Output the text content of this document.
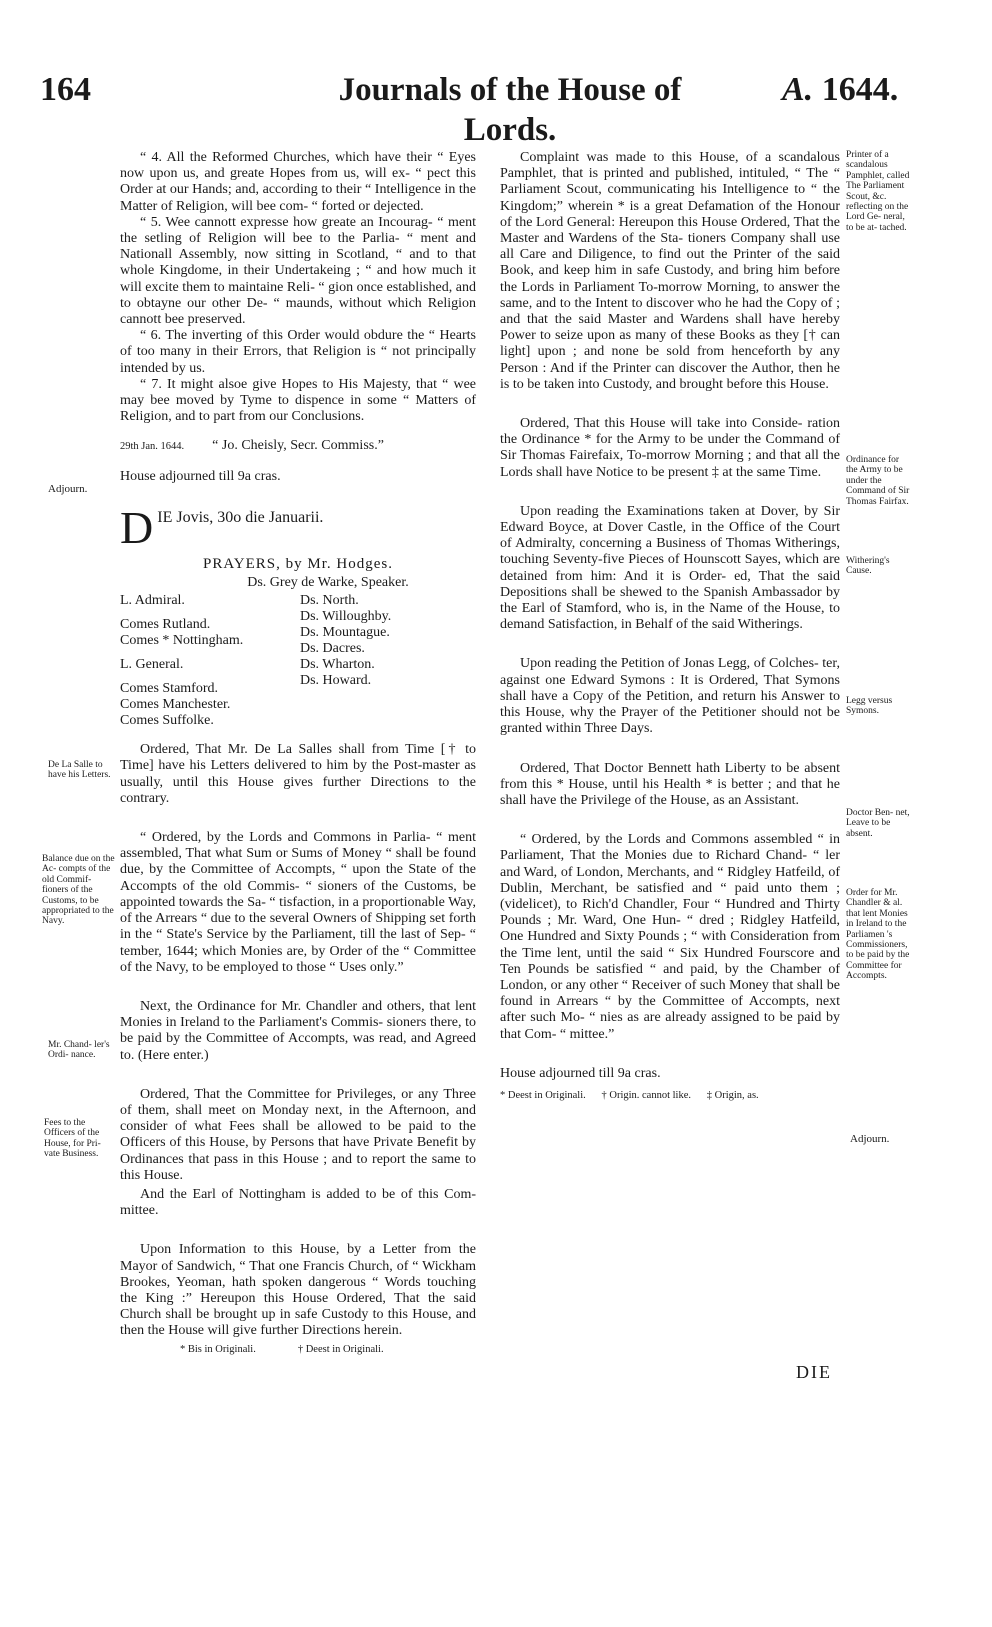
164	Journals of the House of Lords.
A. 1644.
Adjourn.
De La Salle to have his Letters.
Balance due on the Ac- compts of the old Commif- fioners of the Customs, to be appropriated to the Navy.
Mr. Chand- ler's Ordi- nance.
Fees to the Officers of the House, for Pri- vate Business.

“ 4. All the Reformed Churches, which have their “ Eyes now upon us, and greate Hopes from us, will ex- “ pect this Order at our Hands; and, according to their “ Intelligence in the Matter of Religion, will bee com- “ forted or dejected.

“ 5. Wee cannott expresse how greate an Incourag- “ ment the setling of Religion will bee to the Parlia- “ ment and Nationall Assembly, now sitting in Scotland, “ and to that whole Kingdome, in their Undertakeing ; “ and how much it will excite them to maintaine Reli- “ gion once established, and to obtayne our other De- “ maunds, without which Religion cannott bee preserved.

“ 6. The inverting of this Order would obdure the “ Hearts of too many in their Errors, that Religion is “ not principally intended by us.

“ 7. It might alsoe give Hopes to His Majesty, that “ wee may bee moved by Tyme to dispence in some “ Matters of Religion, and to part from our Conclusions.

29th Jan. 1644. “ Jo. Cheisly, Secr. Commiss.”

House adjourned till 9a cras.

DIE Jovis, 30o die Januarii.

PRAYERS, by Mr. Hodges.

Ds. Grey de Warke, Speaker.

L. Admiral.
Comes Rutland.
Comes * Nottingham.
L. General.
Comes Stamford.
Comes Manchester.
Comes Suffolke.

Ds. North.
Ds. Willoughby.
Ds. Mountague.
Ds. Dacres.
Ds. Wharton.
Ds. Howard.

Ordered, That Mr. De La Salles shall from Time [† to Time] have his Letters delivered to him by the Post-master as usually, until this House gives further Directions to the contrary.

“ Ordered, by the Lords and Commons in Parlia- “ ment assembled, That what Sum or Sums of Money “ shall be found due, by the Committee of Accompts, “ upon the State of the Accompts of the old Commis- “ sioners of the Customs, be appointed towards the Sa- “ tisfaction, in a proportionable Way, of the Arrears “ due to the several Owners of Shipping set forth in the “ State's Service by the Parliament, till the last of Sep- “ tember, 1644; which Monies are, by Order of the “ Committee of the Navy, to be employed to those “ Uses only.”

Next, the Ordinance for Mr. Chandler and others, that lent Monies in Ireland to the Parliament's Commis- sioners there, to be paid by the Committee of Accompts, was read, and Agreed to. (Here enter.)

Ordered, That the Committee for Privileges, or any Three of them, shall meet on Monday next, in the Afternoon, and consider of what Fees shall be allowed to be paid to the Officers of this House, by Persons that have Private Benefit by Ordinances that pass in this House ; and to report the same to this House.

And the Earl of Nottingham is added to be of this Com- mittee.

Upon Information to this House, by a Letter from the Mayor of Sandwich, “ That one Francis Church, of “ Wickham Brookes, Yeoman, hath spoken dangerous “ Words touching the King :” Hereupon this House Ordered, That the said Church shall be brought up in safe Custody to this House, and then the House will give further Directions herein.

* Bis in Originali.	† Deest in Originali.

Complaint was made to this House, of a scandalous Pamphlet, that is printed and published, intituled, “ The “ Parliament Scout, communicating his Intelligence to “ the Kingdom;” wherein * is a great Defamation of the Honour of the Lord General: Hereupon this House Ordered, That the Master and Wardens of the Sta- tioners Company shall use all Care and Diligence, to find out the Printer of the said Book, and keep him in safe Custody, and bring him before the Lords in Parliament To-morrow Morning, to answer the same, and to the Intent to discover who he had the Copy of ; and that the said Master and Wardens shall have hereby Power to seize upon as many of these Books as they [† can light] upon ; and none be sold from henceforth by any Person : And if the Printer can discover the Author, then he is to be taken into Custody, and brought before this House.

Ordered, That this House will take into Conside- ration the Ordinance * for the Army to be under the Command of Sir Thomas Fairefaix, To-morrow Morning ; and that all the Lords shall have Notice to be present ‡ at the same Time.

Upon reading the Examinations taken at Dover, by Sir Edward Boyce, at Dover Castle, in the Office of the Court of Admiralty, concerning a Business of Thomas Witherings, touching Seventy-five Pieces of Hounscott Sayes, which are detained from him: And it is Order- ed, That the said Depositions shall be shewed to the Spanish Ambassador by the Earl of Stamford, who is, in the Name of the House, to demand Satisfaction, in Behalf of the said Witherings.

Upon reading the Petition of Jonas Legg, of Colches- ter, against one Edward Symons : It is Ordered, That Symons shall have a Copy of the Petition, and return his Answer to this House, why the Prayer of the Petitioner should not be granted within Three Days.

Ordered, That Doctor Bennett hath Liberty to be absent from this * House, until his Health * is better ; and that he shall have the Privilege of the House, as an Assistant.

“ Ordered, by the Lords and Commons assembled “ in Parliament, That the Monies due to Richard Chand- “ ler and Ward, of London, Merchants, and “ Ridgley Hatfeild, of Dublin, Merchant, be satisfied and “ paid unto them ; (videlicet), to Rich'd Chandler, Four “ Hundred and Thirty Pounds ; Mr. Ward, One Hun- “ dred ; Ridgley Hatfeild, One Hundred and Sixty Pounds ; “ with Consideration from the Time lent, until the said “ Six Hundred Fourscore and Ten Pounds be satisfied “ and paid, by the Chamber of London, or any other “ Receiver of such Money that shall be found in Arrears “ by the Committee of Accompts, next after such Mo- “ nies as are already assigned to be paid by that Com- “ mittee.”

House adjourned till 9a cras.

* Deest in Originali. † Origin. cannot like. ‡ Origin, as.

Printer of a scandalous Pamphlet, called The Parliament Scout, &c. reflecting on the Lord Ge- neral, to be at- tached.
Ordinance for the Army to be under the Command of Sir Thomas Fairfax.
Withering's Cause.
Legg versus Symons.
Doctor Ben- net, Leave to be absent.
Order for Mr. Chandler & al. that lent Monies in Ireland to the Parliamen 's Commissioners, to be paid by the Committee for Accompts.
Adjourn.
DIE
